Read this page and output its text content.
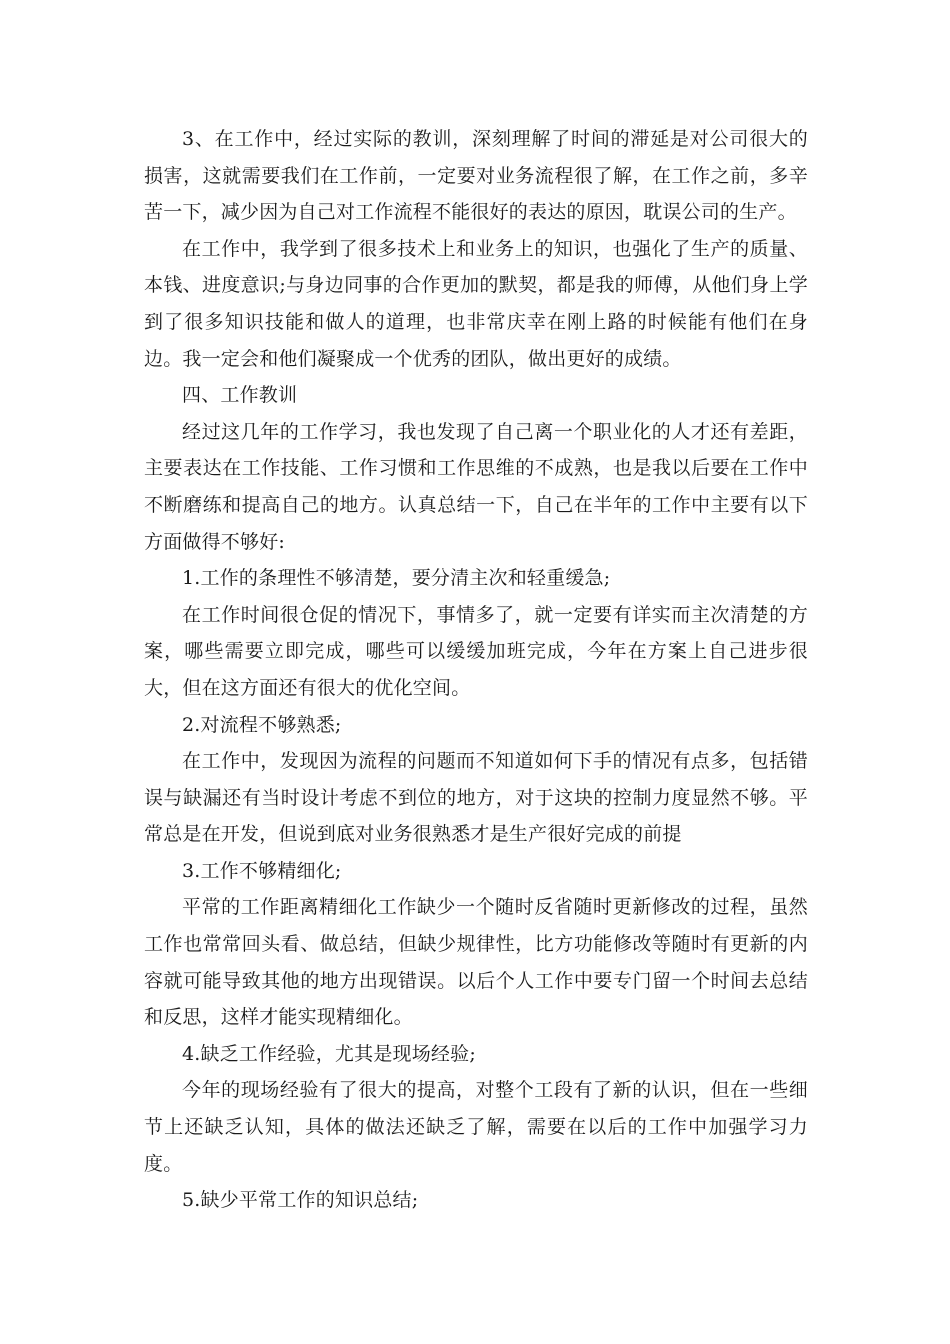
3、在工作中，经过实际的教训，深刻理解了时间的滞延是对公司很大的损害，这就需要我们在工作前，一定要对业务流程很了解，在工作之前，多辛苦一下，减少因为自己对工作流程不能很好的表达的原因，耽误公司的生产。

在工作中，我学到了很多技术上和业务上的知识，也强化了生产的质量、本钱、进度意识;与身边同事的合作更加的默契，都是我的师傅，从他们身上学到了很多知识技能和做人的道理，也非常庆幸在刚上路的时候能有他们在身边。我一定会和他们凝聚成一个优秀的团队，做出更好的成绩。

四、工作教训

经过这几年的工作学习，我也发现了自己离一个职业化的人才还有差距，主要表达在工作技能、工作习惯和工作思维的不成熟，也是我以后要在工作中不断磨练和提高自己的地方。认真总结一下，自己在半年的工作中主要有以下方面做得不够好:

1.工作的条理性不够清楚，要分清主次和轻重缓急;

在工作时间很仓促的情况下，事情多了，就一定要有详实而主次清楚的方案，哪些需要立即完成，哪些可以缓缓加班完成，今年在方案上自己进步很大，但在这方面还有很大的优化空间。

2.对流程不够熟悉;

在工作中，发现因为流程的问题而不知道如何下手的情况有点多，包括错误与缺漏还有当时设计考虑不到位的地方，对于这块的控制力度显然不够。平常总是在开发，但说到底对业务很熟悉才是生产很好完成的前提

3.工作不够精细化;

平常的工作距离精细化工作缺少一个随时反省随时更新修改的过程，虽然工作也常常回头看、做总结，但缺少规律性，比方功能修改等随时有更新的内容就可能导致其他的地方出现错误。以后个人工作中要专门留一个时间去总结和反思，这样才能实现精细化。

4.缺乏工作经验，尤其是现场经验;

今年的现场经验有了很大的提高，对整个工段有了新的认识，但在一些细节上还缺乏认知，具体的做法还缺乏了解，需要在以后的工作中加强学习力度。

5.缺少平常工作的知识总结;
